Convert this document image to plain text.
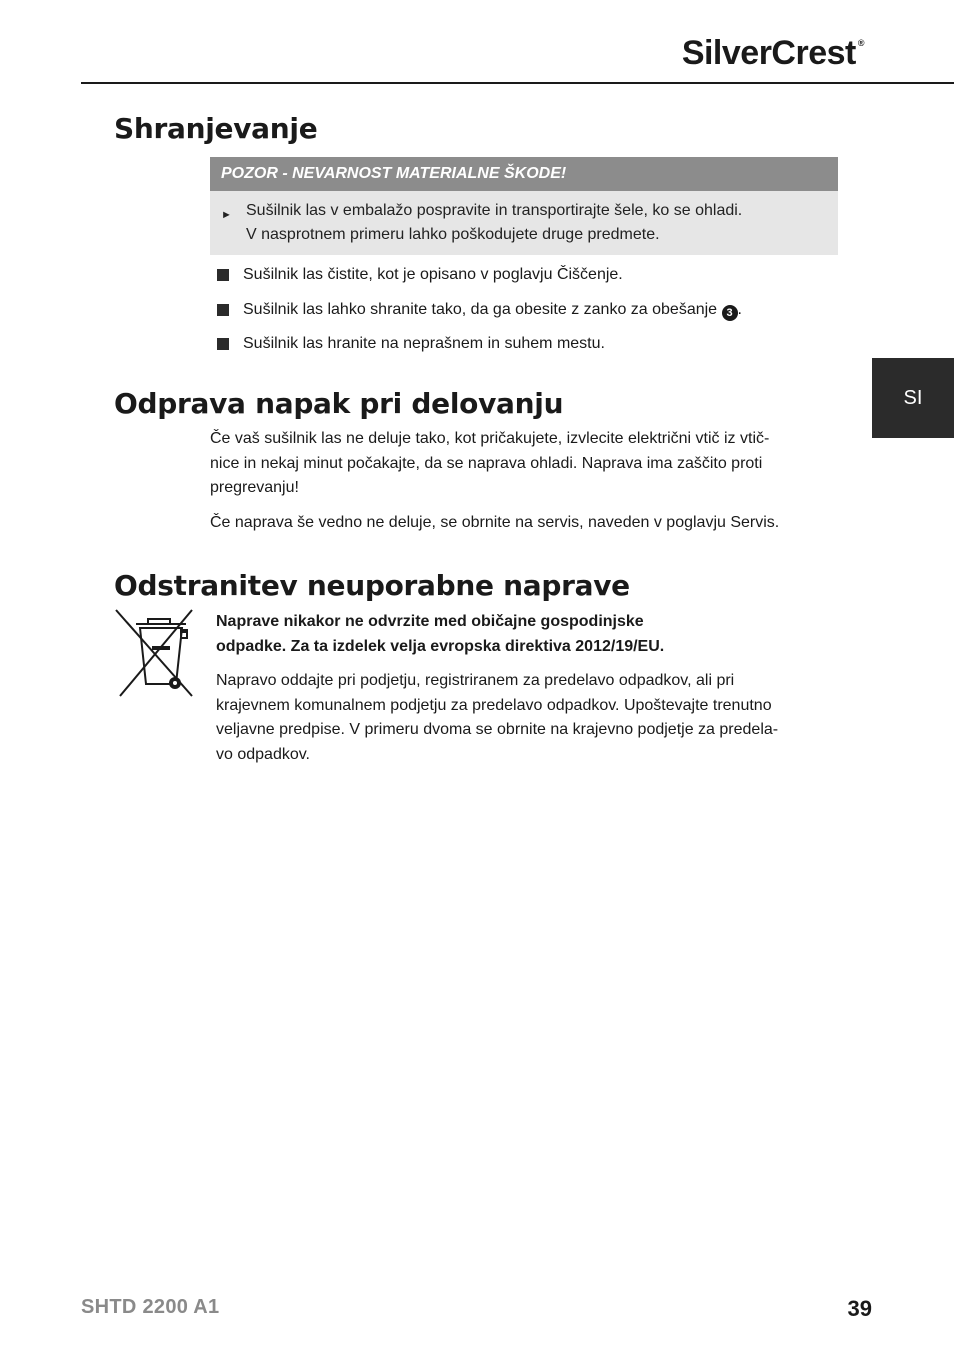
SilverCrest ®
SI
Shranjevanje
POZOR - NEVARNOST MATERIALNE ŠKODE!
► Sušilnik las v embalažo pospravite in transportirajte šele, ko se ohladi.
V nasprotnem primeru lahko poškodujete druge predmete.
Sušilnik las čistite, kot je opisano v poglavju Čiščenje.
Sušilnik las lahko shranite tako, da ga obesite z zanko za obešanje 3 .
Sušilnik las hranite na neprašnem in suhem mestu.
Odprava napak pri delovanju
Če vaš sušilnik las ne deluje tako, kot pričakujete, izvlecite električni vtič iz vtič-
nice in nekaj minut počakajte, da se naprava ohladi. Naprava ima zaščito proti
pregrevanju!
Če naprava še vedno ne deluje, se obrnite na servis, naveden v poglavju Servis.
Odstranitev neuporabne naprave
Naprave nikakor ne odvrzite med običajne gospodinjske
odpadke. Za ta izdelek velja evropska direktiva 2012/19/EU.
Napravo oddajte pri podjetju, registriranem za predelavo odpadkov, ali pri
krajevnem komunalnem podjetju za predelavo odpadkov. Upoštevajte trenutno
veljavne predpise. V primeru dvoma se obrnite na krajevno podjetje za predela-
vo odpadkov.
SHTD 2200 A1	39
